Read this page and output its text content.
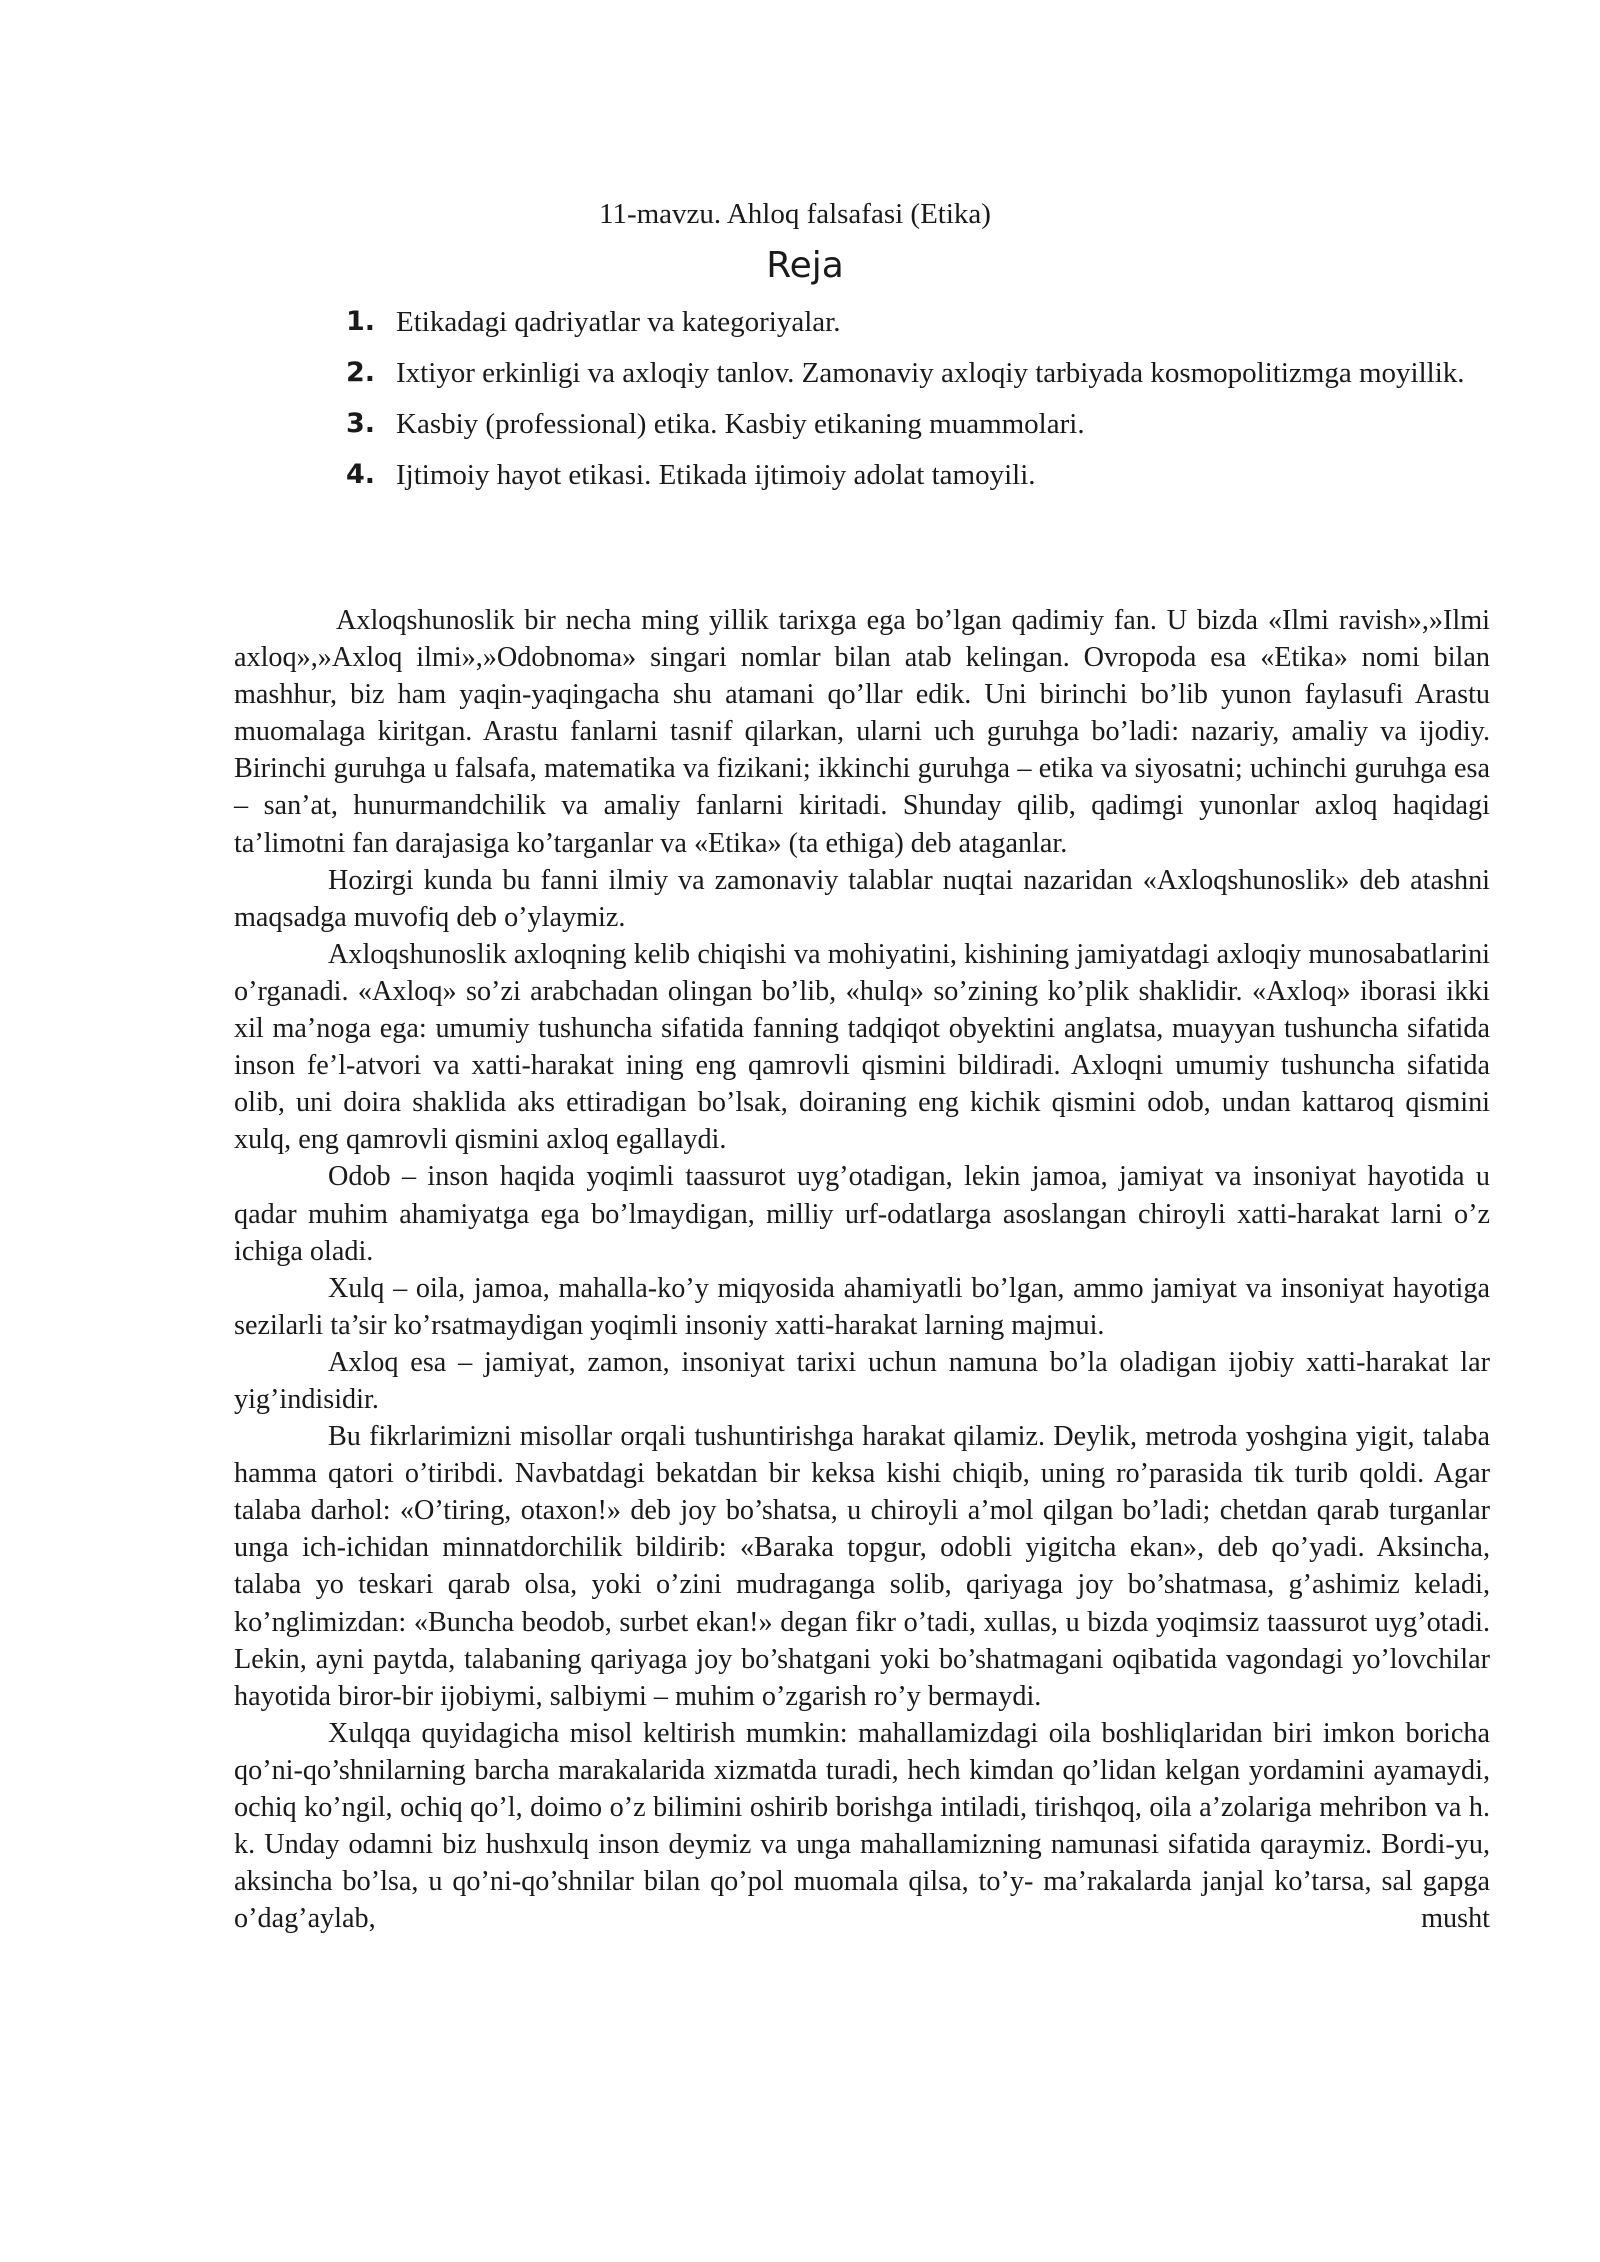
11-mavzu. Ahloq falsafasi (Etika)
Reja
1. Etikadagi qadriyatlar va kategoriyalar.
2. Ixtiyor erkinligi va axloqiy tanlov. Zamonaviy axloqiy tarbiyada kosmopolitizmga moyillik.
3. Kasbiy (professional) etika. Kasbiy etikaning muammolari.
4. Ijtimoiy hayot etikasi. Etikada ijtimoiy adolat tamoyili.

Axloqshunoslik bir necha ming yillik tarixga ega bo’lgan qadimiy fan. U bizda «Ilmi ravish»,»Ilmi axloq»,»Axloq ilmi»,»Odobnoma» singari nomlar bilan atab kelingan. Ovropoda esa «Etika» nomi bilan mashhur, biz ham yaqin-yaqingacha shu atamani qo’llar edik. Uni birinchi bo’lib yunon faylasufi Arastu muomalaga kiritgan. Arastu fanlarni tasnif qilarkan, ularni uch guruhga bo’ladi: nazariy, amaliy va ijodiy. Birinchi guruhga u falsafa, matematika va fizikani; ikkinchi guruhga – etika va siyosatni; uchinchi guruhga esa – san’at, hunurmandchilik va amaliy fanlarni kiritadi. Shunday qilib, qadimgi yunonlar axloq haqidagi ta’limotni fan darajasiga ko’targanlar va «Etika» (ta ethiga) deb ataganlar.

Hozirgi kunda bu fanni ilmiy va zamonaviy talablar nuqtai nazaridan «Axloqshunoslik» deb atashni maqsadga muvofiq deb o’ylaymiz.

Axloqshunoslik axloqning kelib chiqishi va mohiyatini, kishining jamiyatdagi axloqiy munosabatlarini o’rganadi. «Axloq» so’zi arabchadan olingan bo’lib, «hulq» so’zining ko’plik shaklidir. «Axloq» iborasi ikki xil ma’noga ega: umumiy tushuncha sifatida fanning tadqiqot obyektini anglatsa, muayyan tushuncha sifatida inson fe’l-atvori va xatti-harakat ining eng qamrovli qismini bildiradi. Axloqni umumiy tushuncha sifatida olib, uni doira shaklida aks ettiradigan bo’lsak, doiraning eng kichik qismini odob, undan kattaroq qismini xulq, eng qamrovli qismini axloq egallaydi.

Odob – inson haqida yoqimli taassurot uyg’otadigan, lekin jamoa, jamiyat va insoniyat hayotida u qadar muhim ahamiyatga ega bo’lmaydigan, milliy urf-odatlarga asoslangan chiroyli xatti-harakat larni o’z ichiga oladi.

Xulq – oila, jamoa, mahalla-ko’y miqyosida ahamiyatli bo’lgan, ammo jamiyat va insoniyat hayotiga sezilarli ta’sir ko’rsatmaydigan yoqimli insoniy xatti-harakat larning majmui.

Axloq esa – jamiyat, zamon, insoniyat tarixi uchun namuna bo’la oladigan ijobiy xatti-harakat lar yig’indisidir.

Bu fikrlarimizni misollar orqali tushuntirishga harakat qilamiz. Deylik, metroda yoshgina yigit, talaba hamma qatori o’tiribdi. Navbatdagi bekatdan bir keksa kishi chiqib, uning ro’parasida tik turib qoldi. Agar talaba darhol: «O’tiring, otaxon!» deb joy bo’shatsa, u chiroyli a’mol qilgan bo’ladi; chetdan qarab turganlar unga ich-ichidan minnatdorchilik bildirib: «Baraka topgur, odobli yigitcha ekan», deb qo’yadi. Aksincha, talaba yo teskari qarab olsa, yoki o’zini mudraganga solib, qariyaga joy bo’shatmasa, g’ashimiz keladi, ko’nglimizdan: «Buncha beodob, surbet ekan!» degan fikr o’tadi, xullas, u bizda yoqimsiz taassurot uyg’otadi. Lekin, ayni paytda, talabaning qariyaga joy bo’shatgani yoki bo’shatmagani oqibatida vagondagi yo’lovchilar hayotida biror-bir ijobiymi, salbiymi – muhim o’zgarish ro’y bermaydi.

Xulqqa quyidagicha misol keltirish mumkin: mahallamizdagi oila boshliqlaridan biri imkon boricha qo’ni-qo’shnilarning barcha marakalarida xizmatda turadi, hech kimdan qo’lidan kelgan yordamini ayamaydi, ochiq ko’ngil, ochiq qo’l, doimo o’z bilimini oshirib borishga intiladi, tirishqoq, oila a’zolariga mehribon va h. k. Unday odamni biz hushxulq inson deymiz va unga mahallamizning namunasi sifatida qaraymiz. Bordi-yu, aksincha bo’lsa, u qo’ni-qo’shnilar bilan qo’pol muomala qilsa, to’y- ma’rakalarda janjal ko’tarsa, sal gapga o’dag’aylab, musht
